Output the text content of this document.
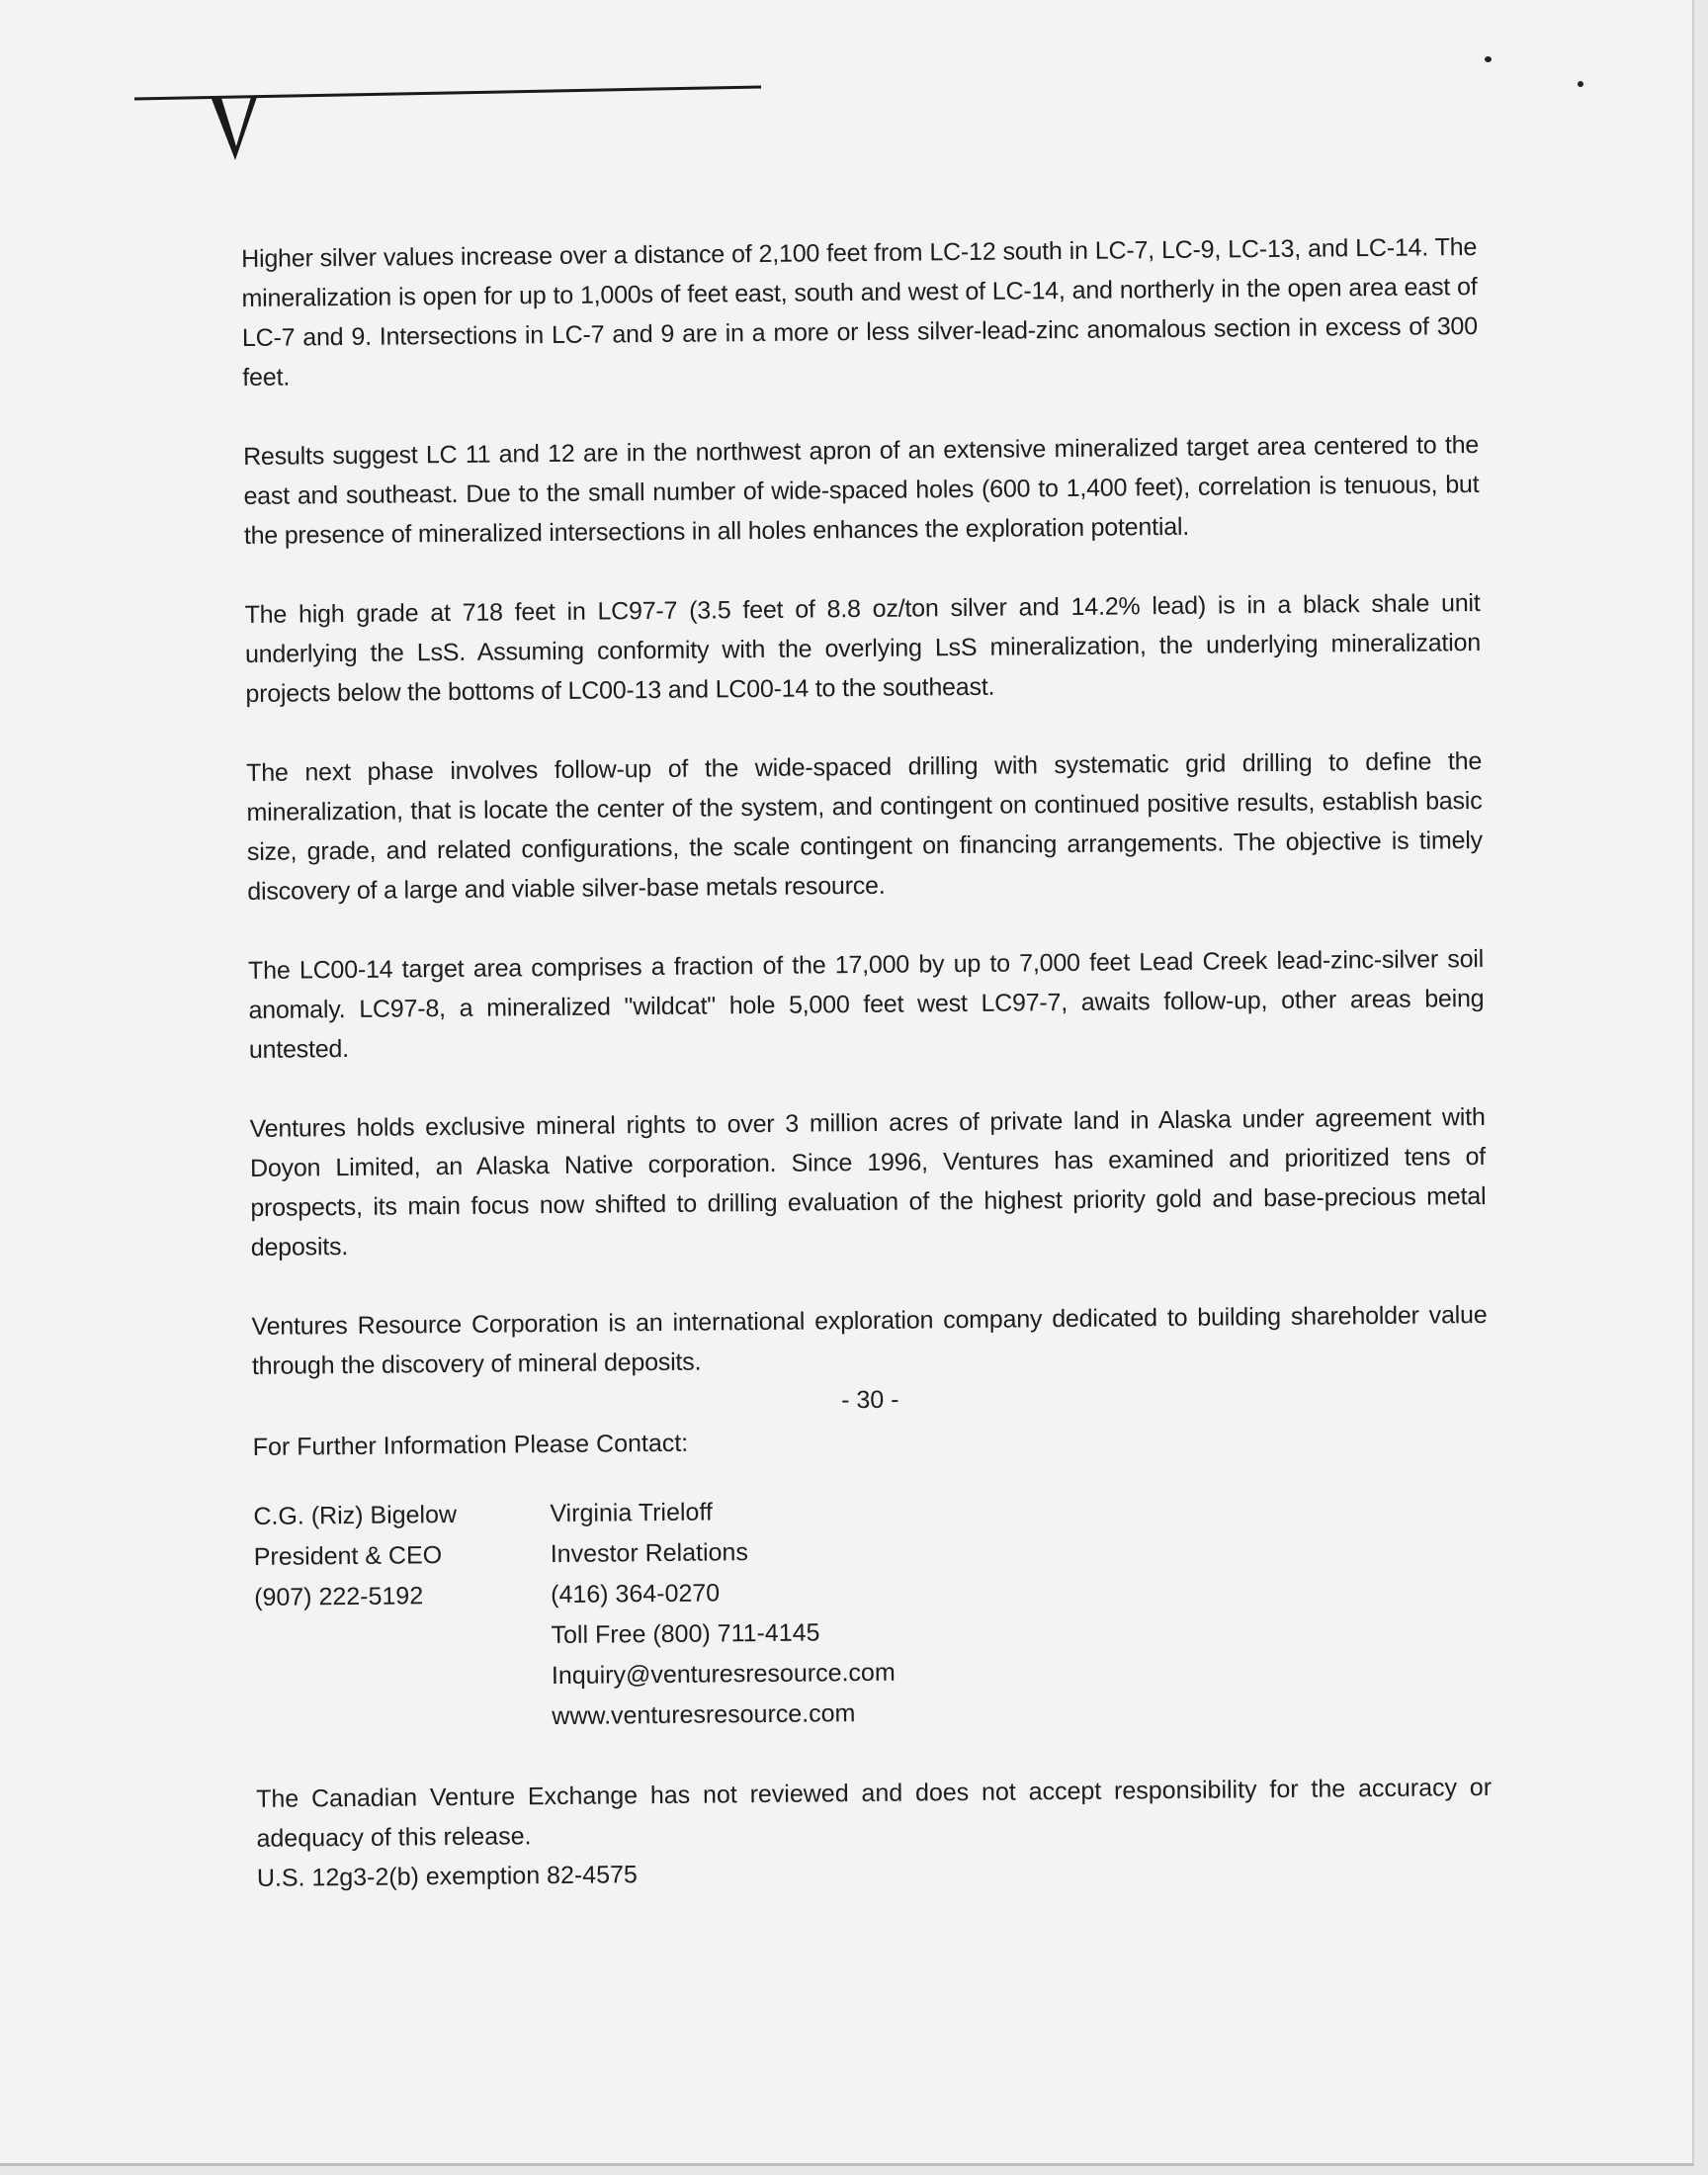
Higher silver values increase over a distance of 2,100 feet from LC-12 south in LC-7, LC-9, LC-13, and LC-14. The mineralization is open for up to 1,000s of feet east, south and west of LC-14, and northerly in the open area east of LC-7 and 9. Intersections in LC-7 and 9 are in a more or less silver-lead-zinc anomalous section in excess of 300 feet.

Results suggest LC 11 and 12 are in the northwest apron of an extensive mineralized target area centered to the east and southeast. Due to the small number of wide-spaced holes (600 to 1,400 feet), correlation is tenuous, but the presence of mineralized intersections in all holes enhances the exploration potential.

The high grade at 718 feet in LC97-7 (3.5 feet of 8.8 oz/ton silver and 14.2% lead) is in a black shale unit underlying the LsS. Assuming conformity with the overlying LsS mineralization, the underlying mineralization projects below the bottoms of LC00-13 and LC00-14 to the southeast.

The next phase involves follow-up of the wide-spaced drilling with systematic grid drilling to define the mineralization, that is locate the center of the system, and contingent on continued positive results, establish basic size, grade, and related configurations, the scale contingent on financing arrangements. The objective is timely discovery of a large and viable silver-base metals resource.

The LC00-14 target area comprises a fraction of the 17,000 by up to 7,000 feet Lead Creek lead-zinc-silver soil anomaly. LC97-8, a mineralized "wildcat" hole 5,000 feet west LC97-7, awaits follow-up, other areas being untested.

Ventures holds exclusive mineral rights to over 3 million acres of private land in Alaska under agreement with Doyon Limited, an Alaska Native corporation. Since 1996, Ventures has examined and prioritized tens of prospects, its main focus now shifted to drilling evaluation of the highest priority gold and base-precious metal deposits.

Ventures Resource Corporation is an international exploration company dedicated to building shareholder value through the discovery of mineral deposits.

- 30 -

For Further Information Please Contact:

C.G. (Riz) Bigelow
President & CEO
(907) 222-5192
Virginia Trieloff
Investor Relations
(416) 364-0270
Toll Free (800) 711-4145
Inquiry@venturesresource.com
www.venturesresource.com

The Canadian Venture Exchange has not reviewed and does not accept responsibility for the accuracy or adequacy of this release.

U.S. 12g3-2(b) exemption 82-4575
